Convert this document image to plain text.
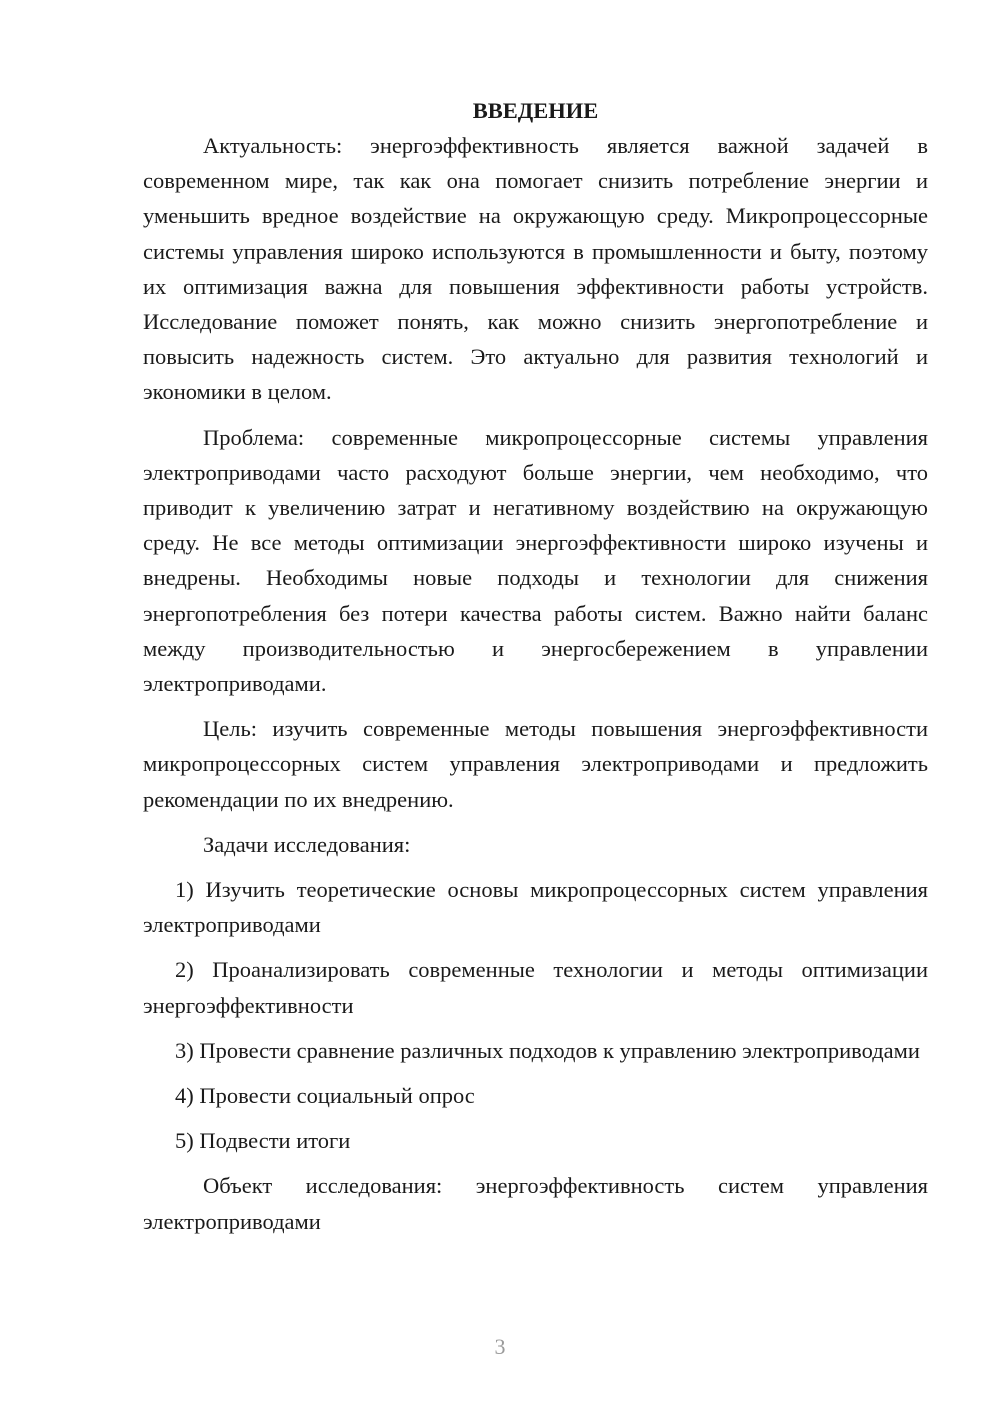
ВВЕДЕНИЕ

Актуальность: энергоэффективность является важной задачей в современном мире, так как она помогает снизить потребление энергии и уменьшить вредное воздействие на окружающую среду. Микропроцессорные системы управления широко используются в промышленности и быту, поэтому их оптимизация важна для повышения эффективности работы устройств. Исследование поможет понять, как можно снизить энергопотребление и повысить надежность систем. Это актуально для развития технологий и экономики в целом.

Проблема: современные микропроцессорные системы управления электроприводами часто расходуют больше энергии, чем необходимо, что приводит к увеличению затрат и негативному воздействию на окружающую среду. Не все методы оптимизации энергоэффективности широко изучены и внедрены. Необходимы новые подходы и технологии для снижения энергопотребления без потери качества работы систем. Важно найти баланс между производительностью и энергосбережением в управлении электроприводами.

Цель: изучить современные методы повышения энергоэффективности микропроцессорных систем управления электроприводами и предложить рекомендации по их внедрению.

Задачи исследования:

1) Изучить теоретические основы микропроцессорных систем управления электроприводами

2) Проанализировать современные технологии и методы оптимизации энергоэффективности

3) Провести сравнение различных подходов к управлению электроприводами

4) Провести социальный опрос

5) Подвести итоги

Объект исследования: энергоэффективность систем управления электроприводами

3
